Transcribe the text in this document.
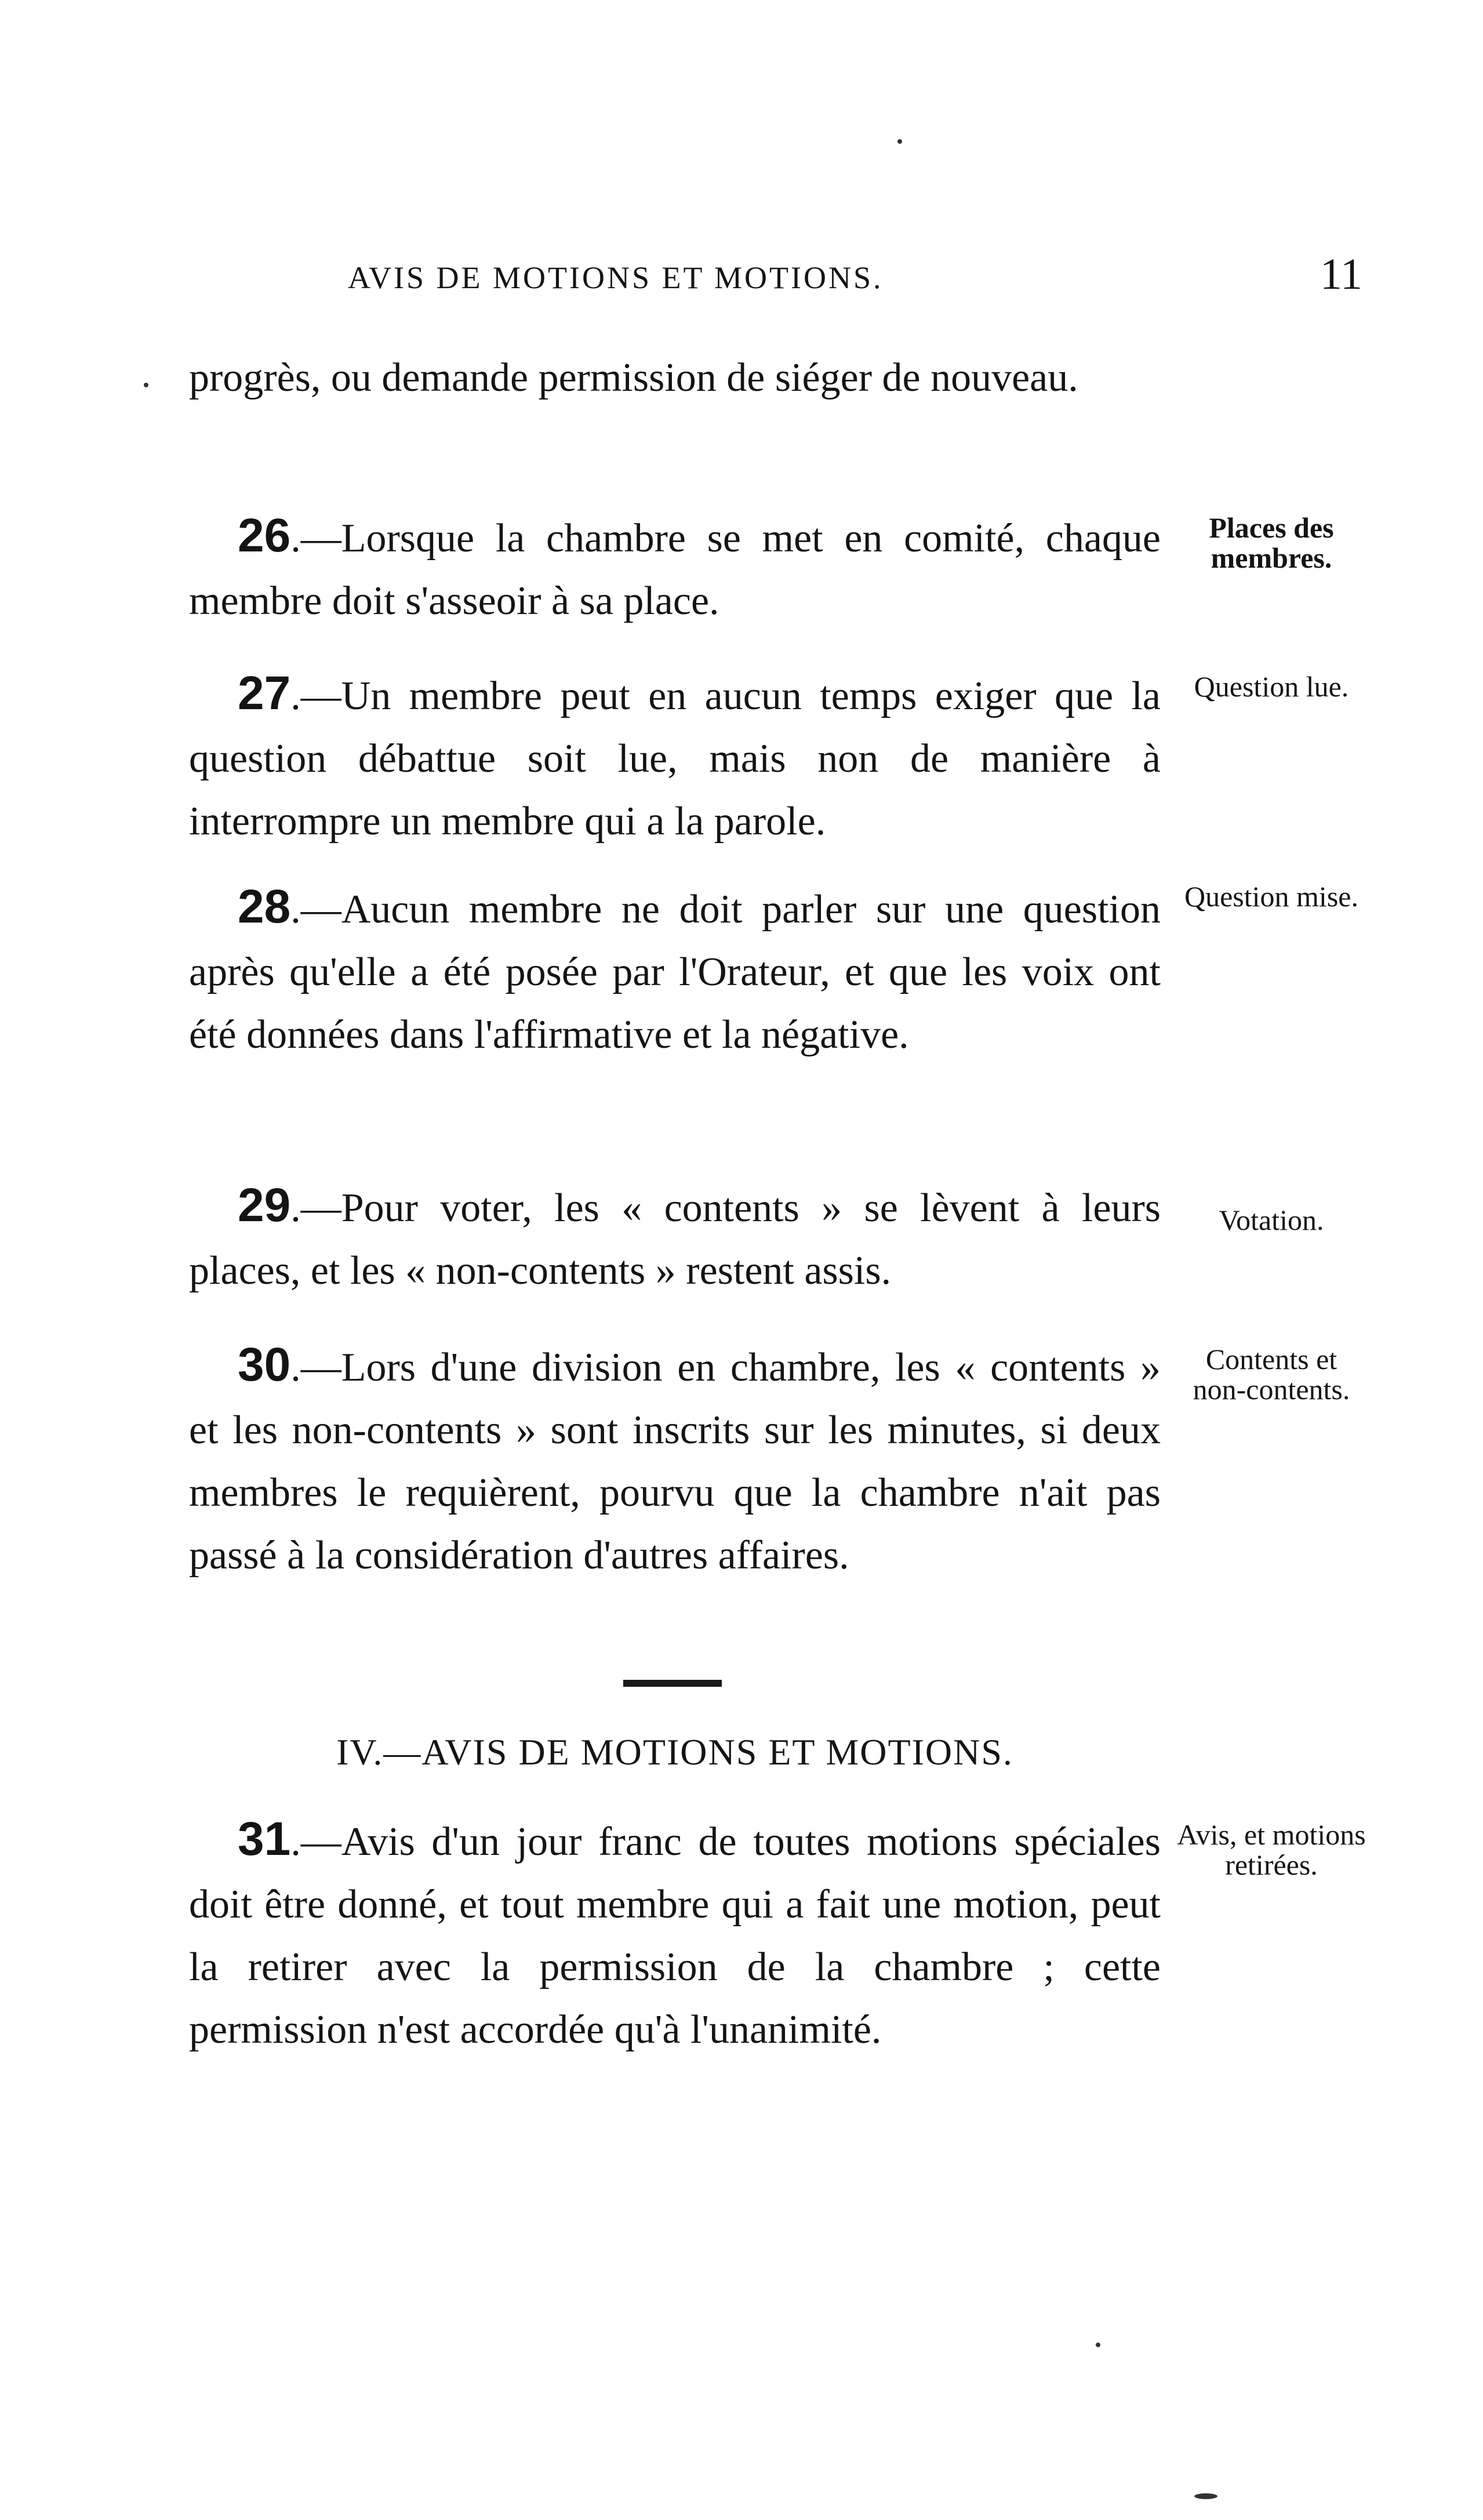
AVIS DE MOTIONS ET MOTIONS.	11
progrès, ou demande permission de siéger de nouveau.
26.—Lorsque la chambre se met en comité, chaque membre doit s'asseoir à sa place.
Places des membres.
27.—Un membre peut en aucun temps exiger que la question débattue soit lue, mais non de manière à interrompre un membre qui a la parole.
Question lue.
28.—Aucun membre ne doit parler sur une question après qu'elle a été posée par l'Orateur, et que les voix ont été données dans l'affirmative et la négative.
Question mise.
29.—Pour voter, les « contents » se lèvent à leurs places, et les « non-contents » restent assis.
Votation.
30.—Lors d'une division en chambre, les « contents » et les non-contents » sont inscrits sur les minutes, si deux membres le requièrent, pourvu que la chambre n'ait pas passé à la considération d'autres affaires.
Contents et non-contents.
IV.—AVIS DE MOTIONS ET MOTIONS.
31.—Avis d'un jour franc de toutes motions spéciales doit être donné, et tout membre qui a fait une motion, peut la retirer avec la permission de la chambre ; cette permission n'est accordée qu'à l'unanimité.
Avis, et motions retirées.
